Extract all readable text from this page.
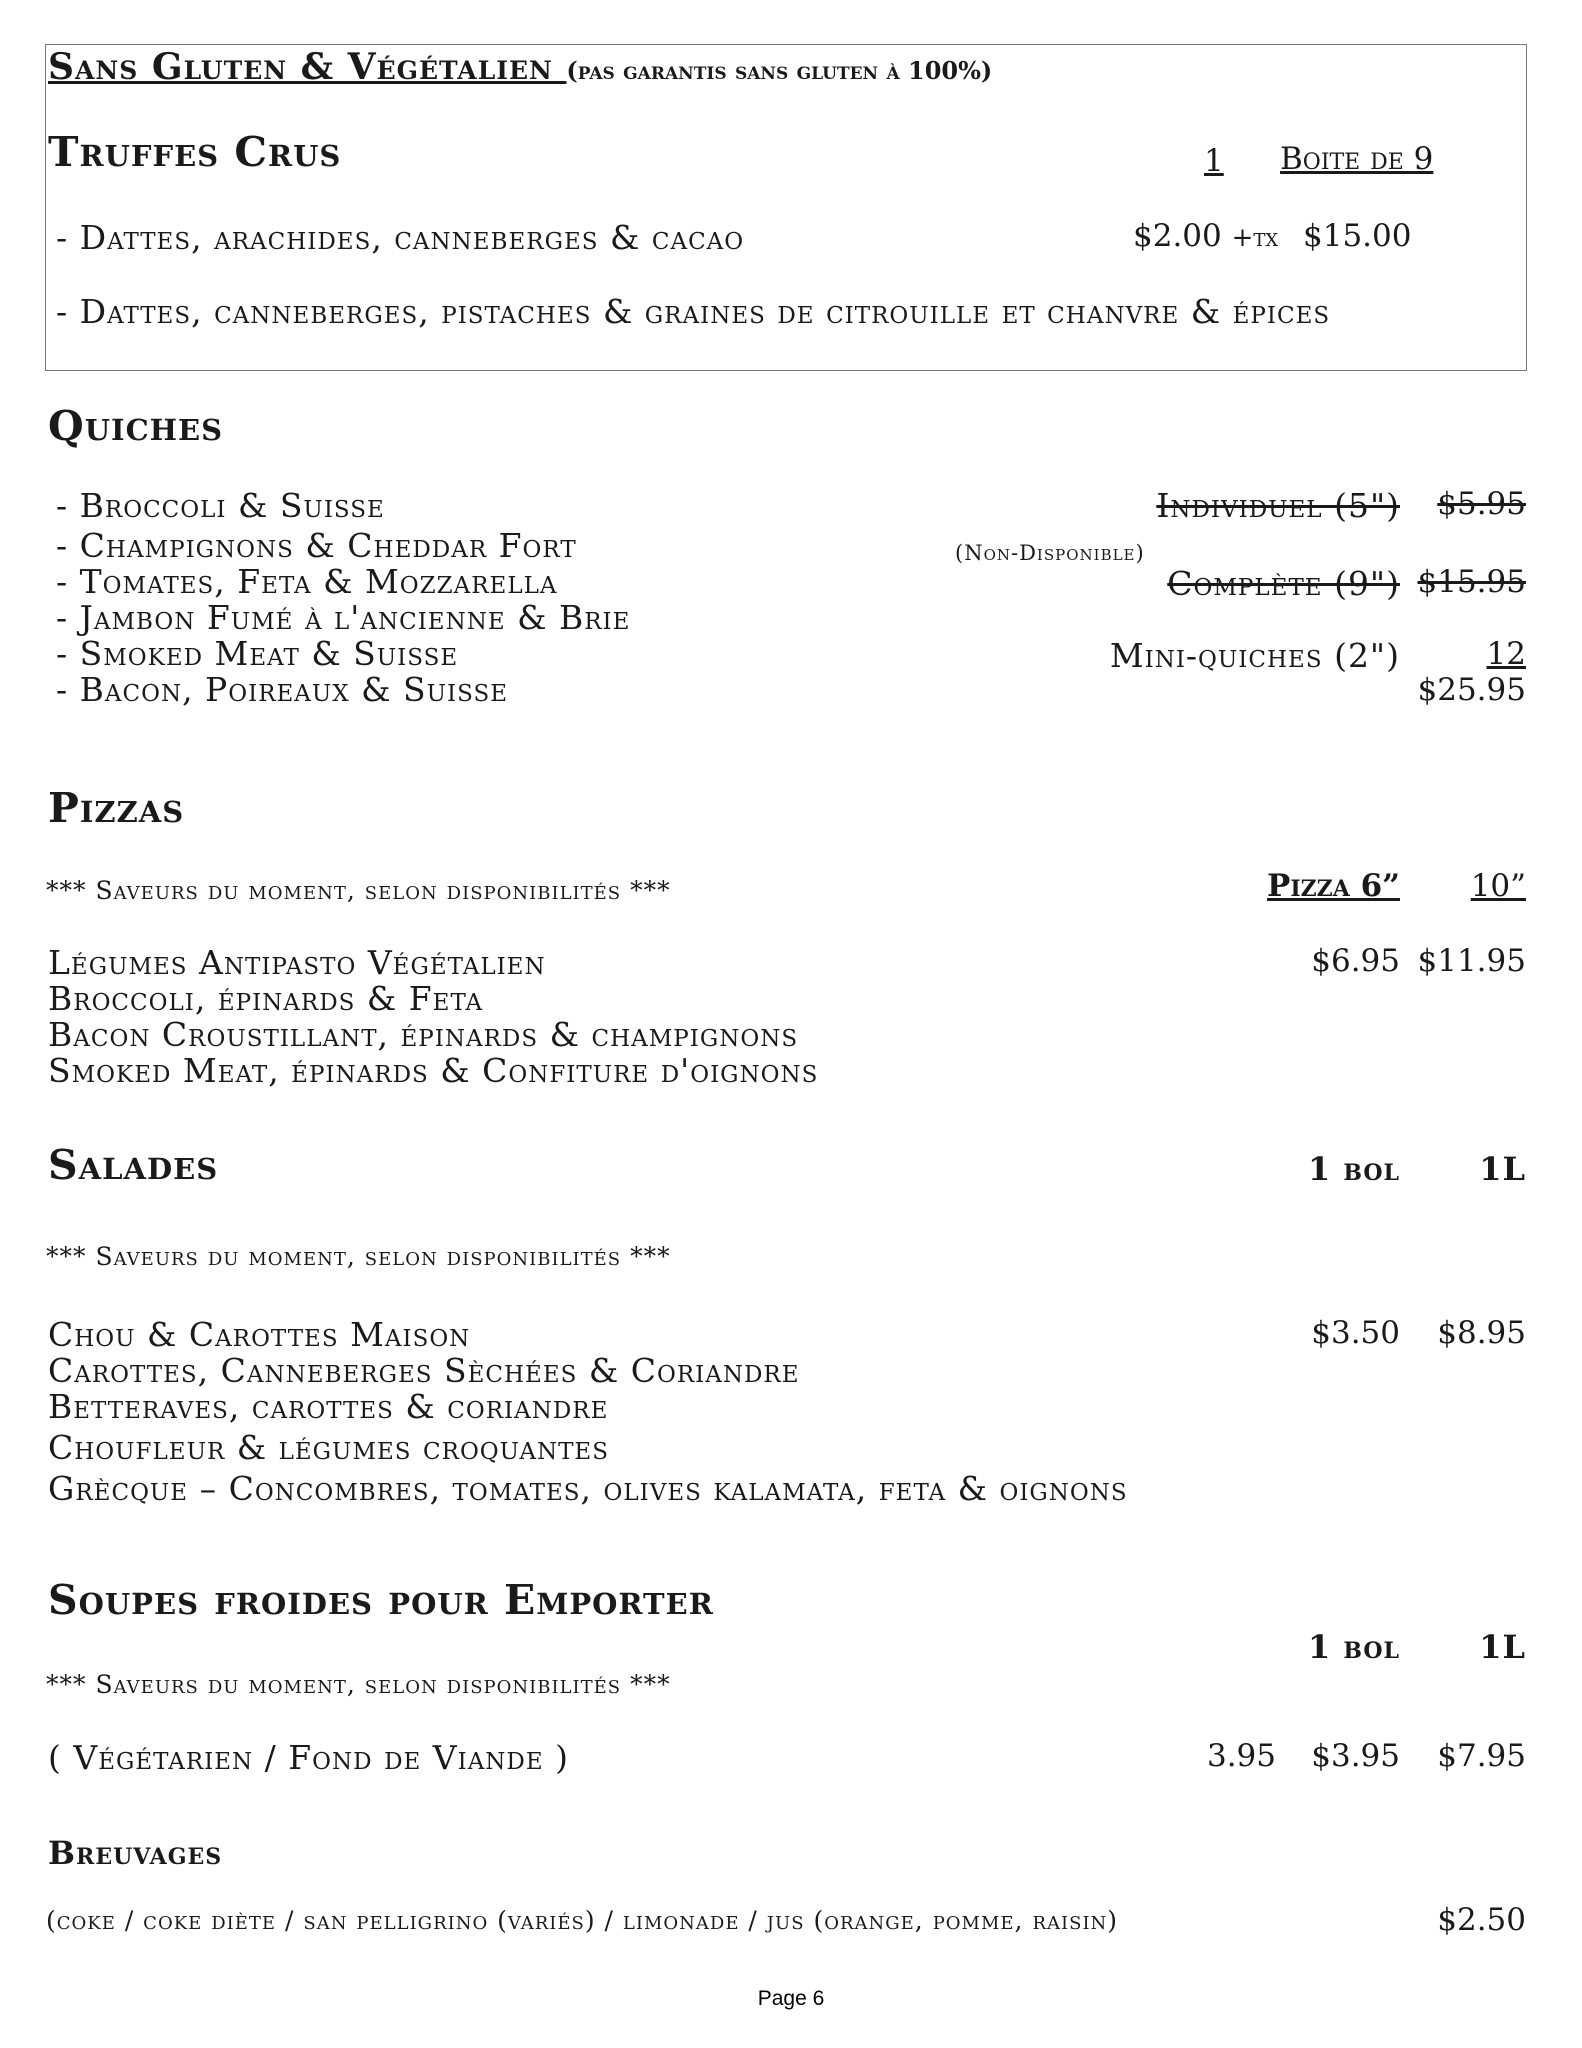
Sans Gluten & Végétalien (pas garantis sans gluten à 100%)
Truffes Crus	1 Boite de 9
- Dattes, arachides, canneberges & cacao	$2.00 +tx $15.00
- Dattes, canneberges, pistaches & graines de citrouille et chanvre & épices
Quiches
- Broccoli & Suisse
- Champignons & Cheddar Fort
- Tomates, Feta & Mozzarella
- Jambon Fumé à l'ancienne & Brie
- Smoked Meat & Suisse
- Bacon, Poireaux & Suisse
Individuel (5") $5.95
(Non-Disponible)
Complète (9") $15.95
Mini-quiches (2")	12
$25.95
Pizzas
*** Saveurs du moment, selon disponibilités ***	Pizza 6” 10”
Légumes Antipasto Végétalien
Broccoli, épinards & Feta
Bacon Croustillant, épinards & champignons
Smoked Meat, épinards & Confiture d'oignons
$6.95 $11.95
Salades	1 bol 1L
*** Saveurs du moment, selon disponibilités ***
Chou & Carottes Maison
Carottes, Canneberges Sèchées & Coriandre
Betteraves, carottes & coriandre
Choufleur & légumes croquantes
Grècque – Concombres, tomates, olives kalamata, feta & oignons
$3.50 $8.95
Soupes froides pour Emporter
1 bol 1L
*** Saveurs du moment, selon disponibilités ***
( Végétarien / Fond de Viande )	3.95 $3.95 $7.95
Breuvages
(coke / coke diète / san pelligrino (variés) / limonade / jus (orange, pomme, raisin)	$2.50
Page 6
